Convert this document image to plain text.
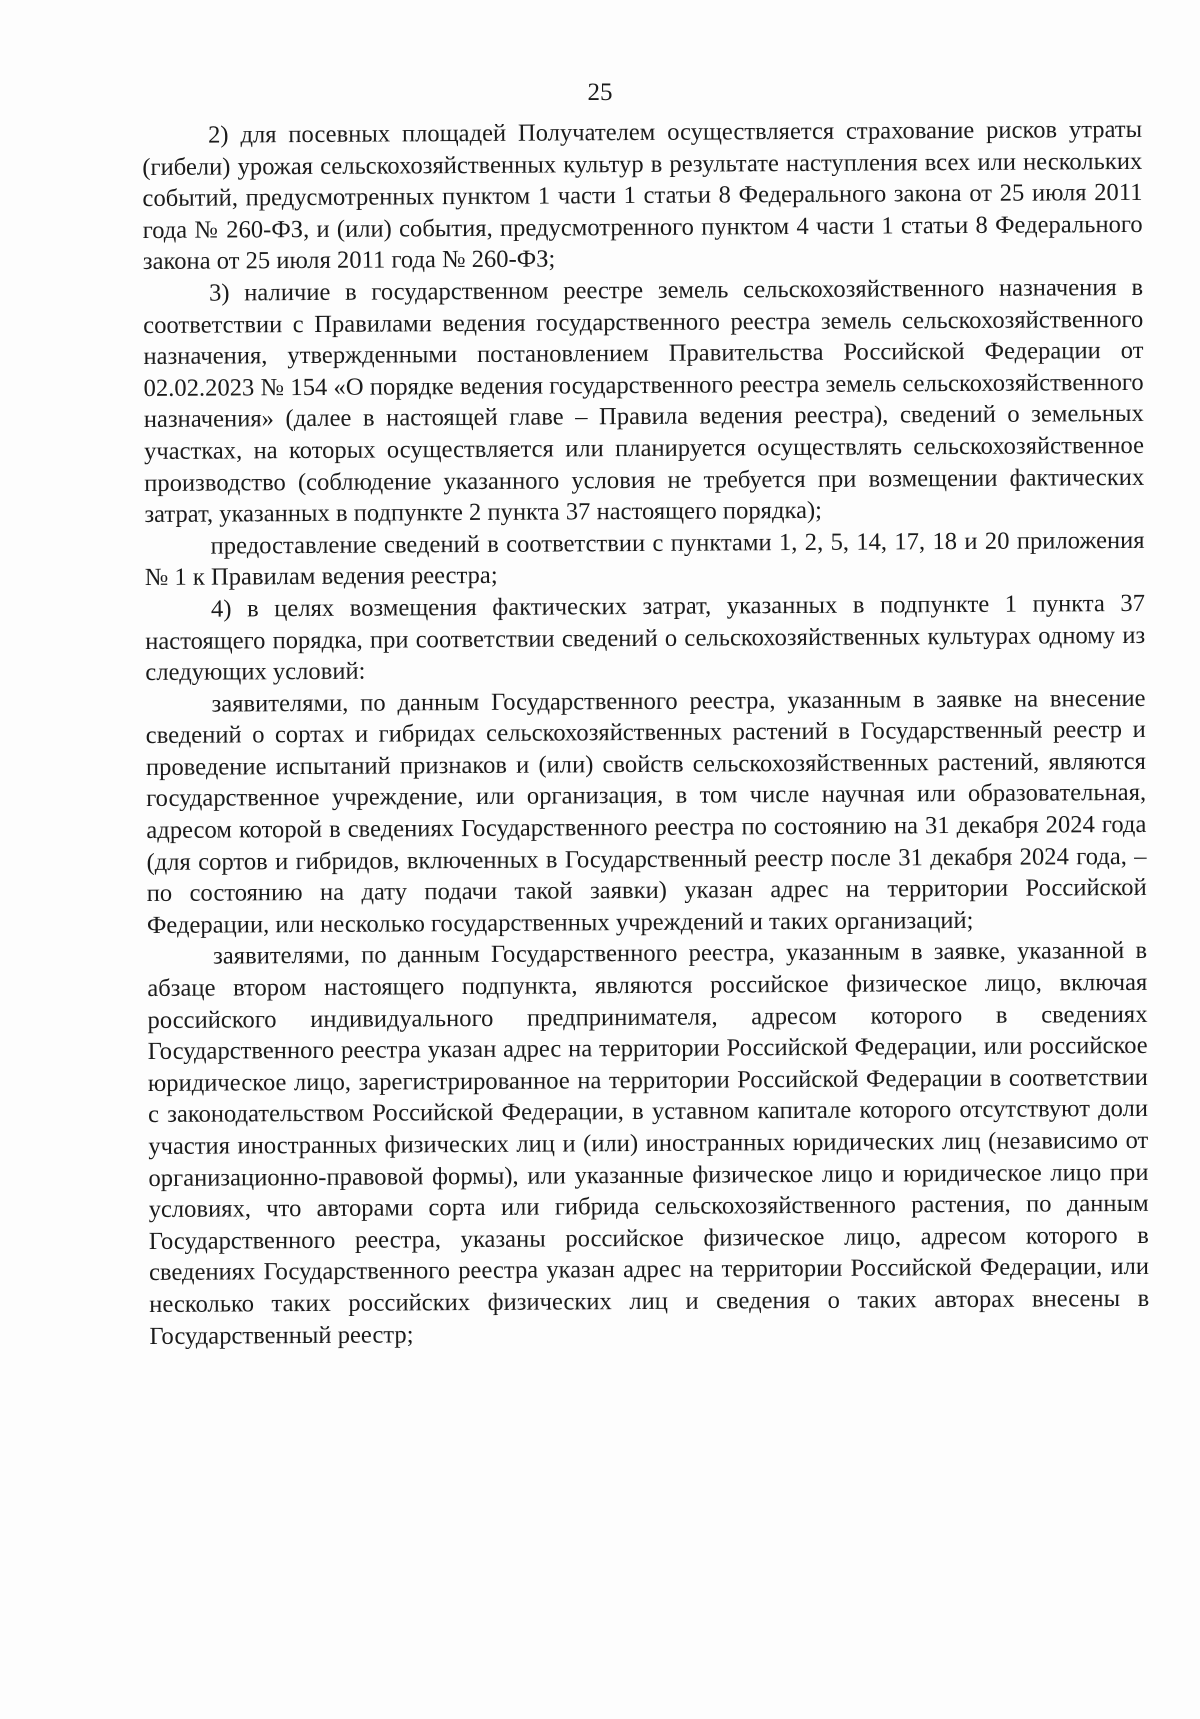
25

2) для посевных площадей Получателем осуществляется страхование рисков утраты (гибели) урожая сельскохозяйственных культур в результате наступления всех или нескольких событий, предусмотренных пунктом 1 части 1 статьи 8 Федерального закона от 25 июля 2011 года № 260-ФЗ, и (или) события, предусмотренного пунктом 4 части 1 статьи 8 Федерального закона от 25 июля 2011 года № 260-ФЗ;

3) наличие в государственном реестре земель сельскохозяйственного назначения в соответствии с Правилами ведения государственного реестра земель сельскохозяйственного назначения, утвержденными постановлением Правительства Российской Федерации от 02.02.2023 № 154 «О порядке ведения государственного реестра земель сельскохозяйственного назначения» (далее в настоящей главе – Правила ведения реестра), сведений о земельных участках, на которых осуществляется или планируется осуществлять сельскохозяйственное производство (соблюдение указанного условия не требуется при возмещении фактических затрат, указанных в подпункте 2 пункта 37 настоящего порядка);

предоставление сведений в соответствии с пунктами 1, 2, 5, 14, 17, 18 и 20 приложения № 1 к Правилам ведения реестра;

4) в целях возмещения фактических затрат, указанных в подпункте 1 пункта 37 настоящего порядка, при соответствии сведений о сельскохозяйственных культурах одному из следующих условий:

заявителями, по данным Государственного реестра, указанным в заявке на внесение сведений о сортах и гибридах сельскохозяйственных растений в Государственный реестр и проведение испытаний признаков и (или) свойств сельскохозяйственных растений, являются государственное учреждение, или организация, в том числе научная или образовательная, адресом которой в сведениях Государственного реестра по состоянию на 31 декабря 2024 года (для сортов и гибридов, включенных в Государственный реестр после 31 декабря 2024 года, – по состоянию на дату подачи такой заявки) указан адрес на территории Российской Федерации, или несколько государственных учреждений и таких организаций;

заявителями, по данным Государственного реестра, указанным в заявке, указанной в абзаце втором настоящего подпункта, являются российское физическое лицо, включая российского индивидуального предпринимателя, адресом которого в сведениях Государственного реестра указан адрес на территории Российской Федерации, или российское юридическое лицо, зарегистрированное на территории Российской Федерации в соответствии с законодательством Российской Федерации, в уставном капитале которого отсутствуют доли участия иностранных физических лиц и (или) иностранных юридических лиц (независимо от организационно-правовой формы), или указанные физическое лицо и юридическое лицо при условиях, что авторами сорта или гибрида сельскохозяйственного растения, по данным Государственного реестра, указаны российское физическое лицо, адресом которого в сведениях Государственного реестра указан адрес на территории Российской Федерации, или несколько таких российских физических лиц и сведения о таких авторах внесены в Государственный реестр;
